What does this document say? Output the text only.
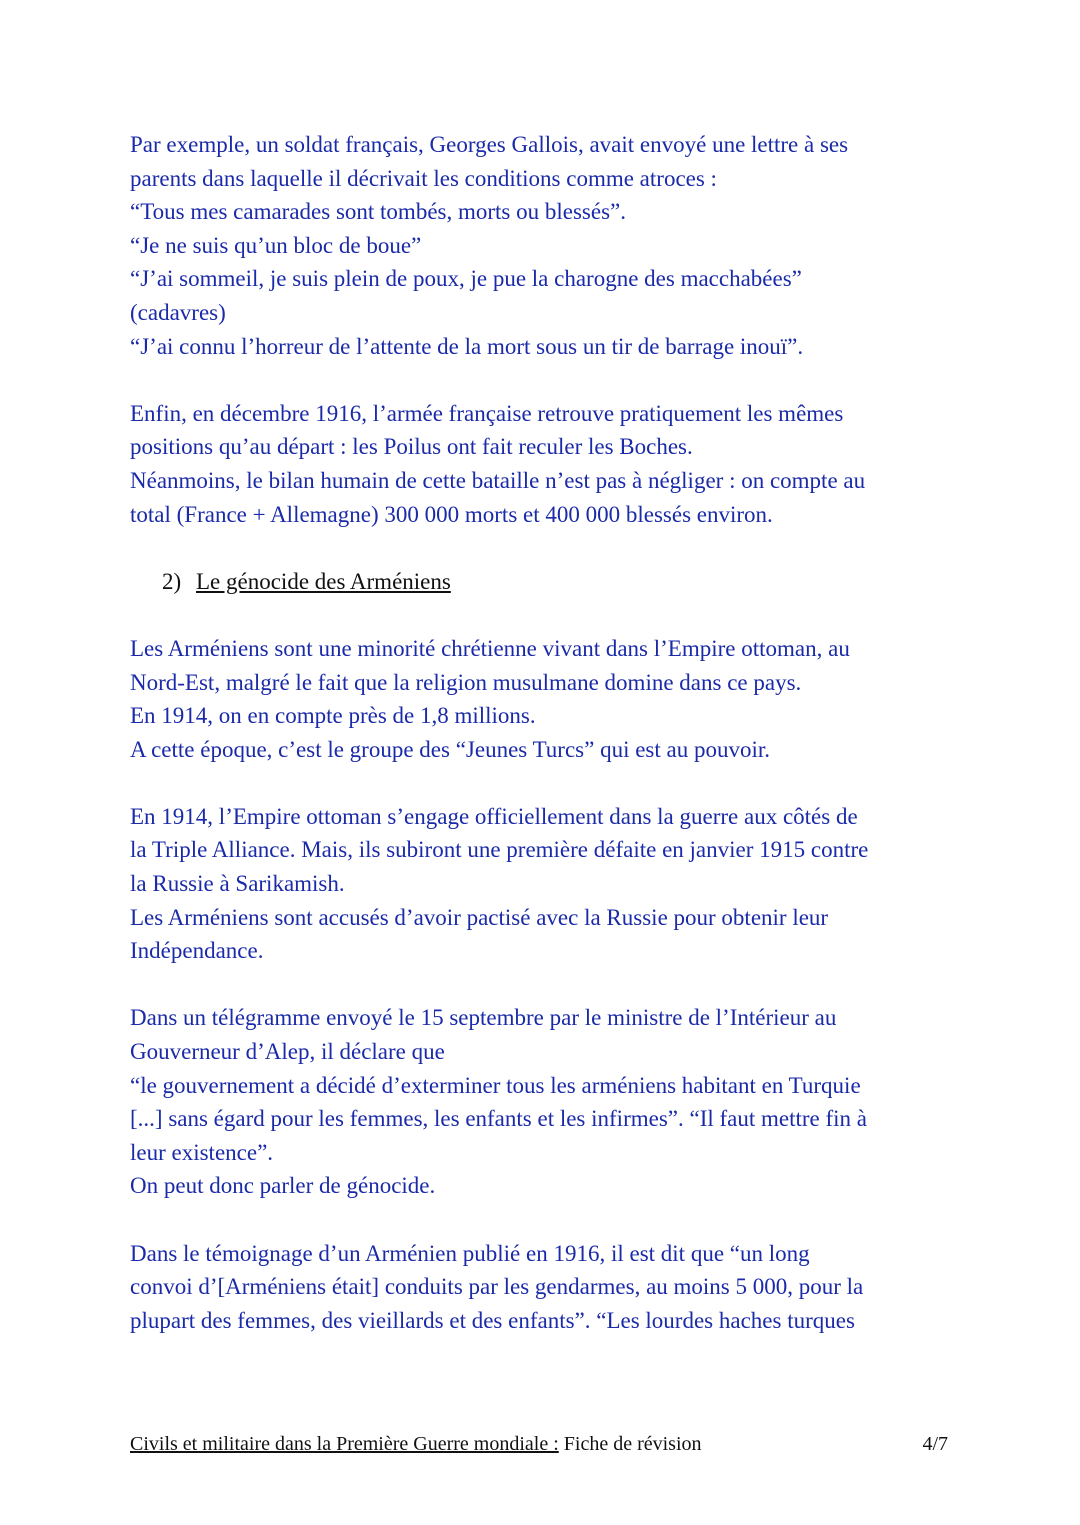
Par exemple, un soldat français, Georges Gallois, avait envoyé une lettre à ses
parents dans laquelle il décrivait les conditions comme atroces :
“Tous mes camarades sont tombés, morts ou blessés”.
“Je ne suis qu’un bloc de boue”
“J’ai sommeil, je suis plein de poux, je pue la charogne des macchabées”
(cadavres)
“J’ai connu l’horreur de l’attente de la mort sous un tir de barrage inouï”.

Enfin, en décembre 1916, l’armée française retrouve pratiquement les mêmes
positions qu’au départ : les Poilus ont fait reculer les Boches.
Néanmoins, le bilan humain de cette bataille n’est pas à négliger : on compte au
total (France + Allemagne) 300 000 morts et 400 000 blessés environ.

2) Le génocide des Arméniens

Les Arméniens sont une minorité chrétienne vivant dans l’Empire ottoman, au
Nord-Est, malgré le fait que la religion musulmane domine dans ce pays.
En 1914, on en compte près de 1,8 millions.
A cette époque, c’est le groupe des “Jeunes Turcs” qui est au pouvoir.

En 1914, l’Empire ottoman s’engage officiellement dans la guerre aux côtés de
la Triple Alliance. Mais, ils subiront une première défaite en janvier 1915 contre
la Russie à Sarikamish.
Les Arméniens sont accusés d’avoir pactisé avec la Russie pour obtenir leur
Indépendance.

Dans un télégramme envoyé le 15 septembre par le ministre de l’Intérieur au
Gouverneur d’Alep, il déclare que
“le gouvernement a décidé d’exterminer tous les arméniens habitant en Turquie
[...] sans égard pour les femmes, les enfants et les infirmes”. “Il faut mettre fin à
leur existence”.
On peut donc parler de génocide.

Dans le témoignage d’un Arménien publié en 1916, il est dit que “un long
convoi d’[Arméniens était] conduits par les gendarmes, au moins 5 000, pour la
plupart des femmes, des vieillards et des enfants”. “Les lourdes haches turques

Civils et militaire dans la Première Guerre mondiale : Fiche de révision	4/7
